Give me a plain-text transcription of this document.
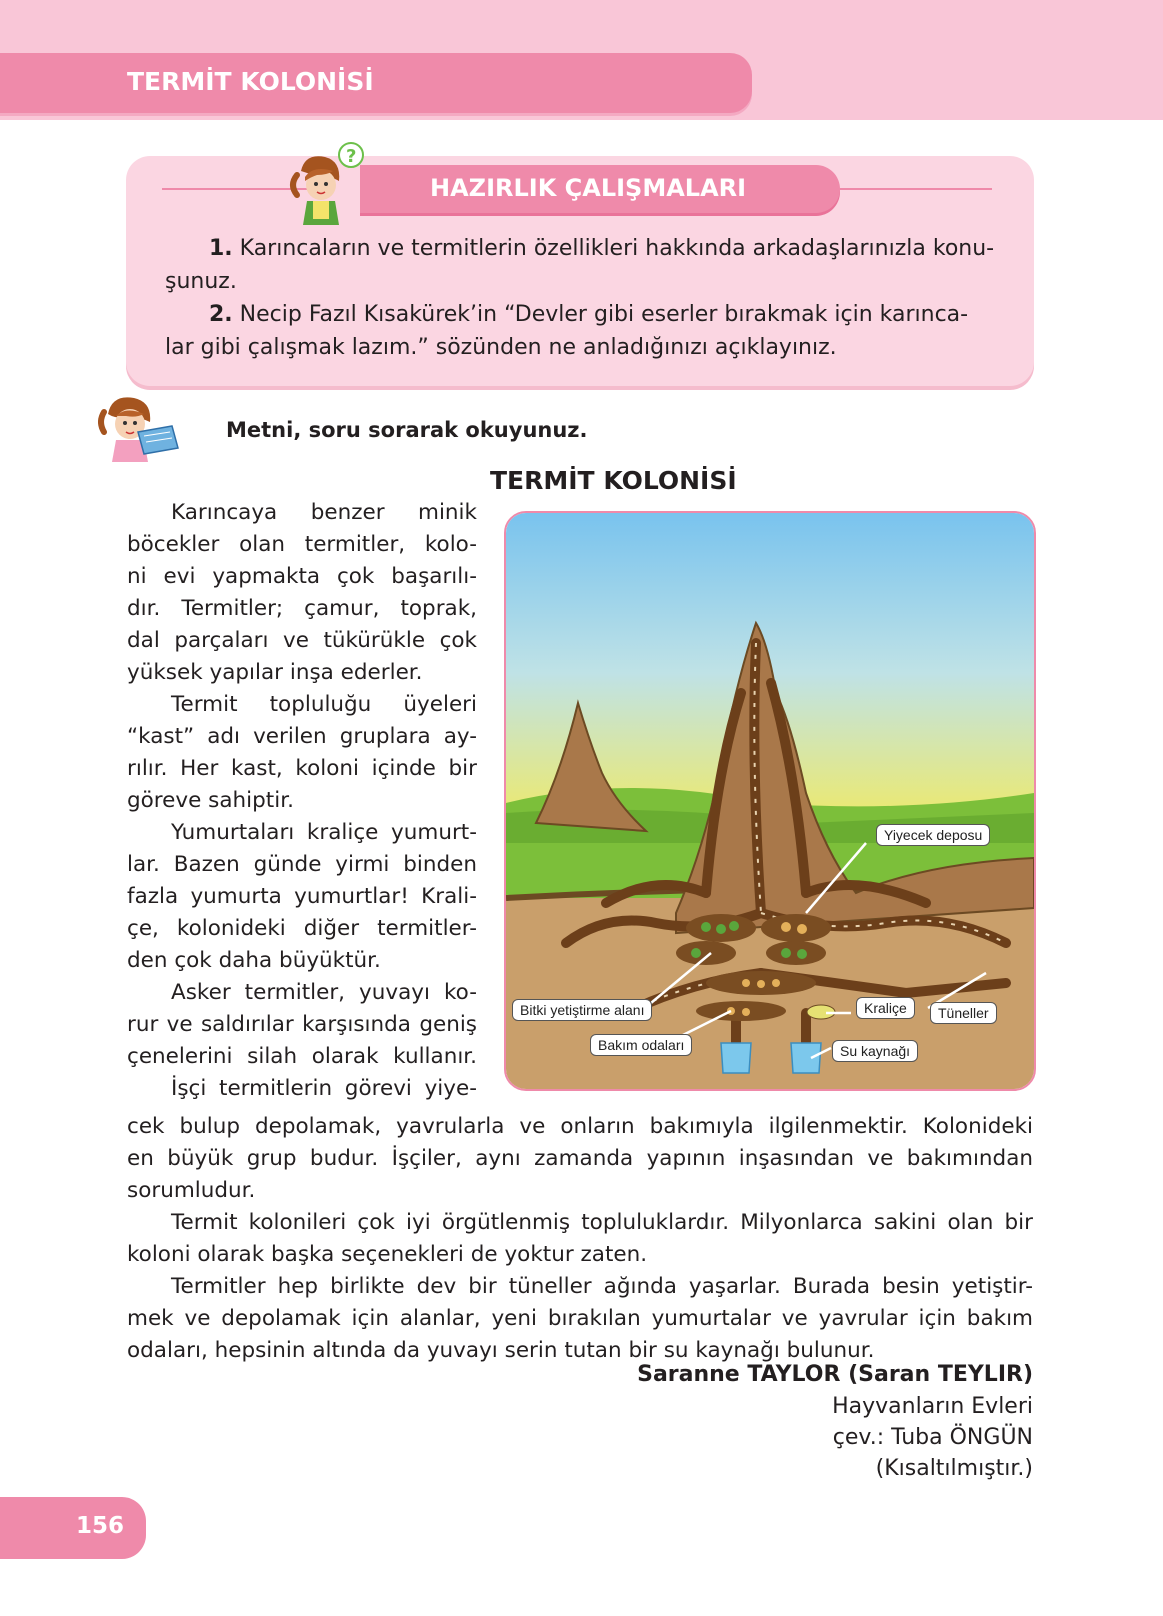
TERMİT KOLONİSİ
HAZIRLIK ÇALIŞMALARI
?

1. Karıncaların ve termitlerin özellikleri hakkında arkadaşlarınızla konu-
şunuz.

2. Necip Fazıl Kısakürek’in “Devler gibi eserler bırakmak için karınca-
lar gibi çalışmak lazım.” sözünden ne anladığınızı açıklayınız.

Metni, soru sorarak okuyunuz.
TERMİT KOLONİSİ
Karıncaya benzer minik
böcekler olan termitler, kolo-
ni evi yapmakta çok başarılı-
dır. Termitler; çamur, toprak,
dal parçaları ve tükürükle çok
yüksek yapılar inşa ederler.
Termit topluluğu üyeleri
“kast” adı verilen gruplara ay-
rılır. Her kast, koloni içinde bir
göreve sahiptir.
Yumurtaları kraliçe yumurt-
lar. Bazen günde yirmi binden
fazla yumurta yumurtlar! Krali-
çe, kolonideki diğer termitler-
den çok daha büyüktür.
Asker termitler, yuvayı ko-
rur ve saldırılar karşısında geniş
çenelerini silah olarak kullanır.
İşçi termitlerin görevi yiye-
Yiyecek deposu
Bitki yetiştirme alanı	Kraliçe	Tüneller
Bakım odaları	Su kaynağı
cek bulup depolamak, yavrularla ve onların bakımıyla ilgilenmektir. Kolonideki
en büyük grup budur. İşçiler, aynı zamanda yapının inşasından ve bakımından
sorumludur.
Termit kolonileri çok iyi örgütlenmiş topluluklardır. Milyonlarca sakini olan bir
koloni olarak başka seçenekleri de yoktur zaten.
Termitler hep birlikte dev bir tüneller ağında yaşarlar. Burada besin yetiştir-
mek ve depolamak için alanlar, yeni bırakılan yumurtalar ve yavrular için bakım
odaları, hepsinin altında da yuvayı serin tutan bir su kaynağı bulunur.
Saranne TAYLOR (Saran TEYLIR)
Hayvanların Evleri
çev.: Tuba ÖNGÜN
(Kısaltılmıştır.)
156
